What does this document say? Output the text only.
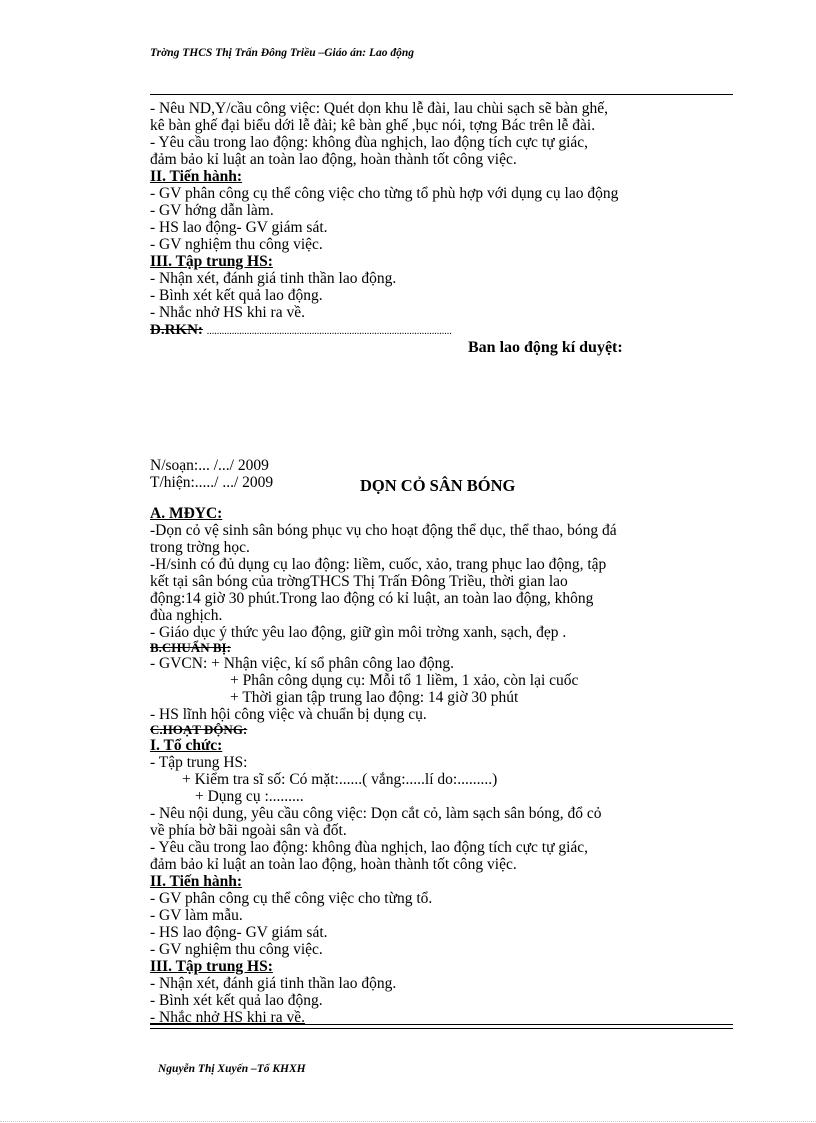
Trờng THCS Thị Trấn Đông Triều –Giáo án: Lao động
- Nêu ND,Y/cầu công việc: Quét dọn khu lễ đài, lau chùi sạch sẽ bàn ghế,
kê bàn ghế đại biểu dới lễ đài; kê bàn ghế ,bục nói, tợng Bác trên lễ đài.
- Yêu cầu trong lao động: không đùa nghịch, lao động tích cực tự giác,
đảm bảo kỉ luật an toàn lao động, hoàn thành tốt công việc.
II. Tiến hành:
- GV phân công cụ thể công việc cho từng tổ phù hợp với dụng cụ lao động
- GV hớng dẫn làm.
- HS lao động- GV giám sát.
- GV nghiệm thu công việc.
III. Tập trung HS:
- Nhận xét, đánh giá tinh thần lao động.
- Bình xét kết quả lao động.
- Nhắc nhở HS khi ra về.
D.RKN: ..................................................................................................
Ban lao động kí duyệt:
N/soạn:... /.../ 2009
T/hiện:...../ .../ 2009	DỌN CỎ SÂN BÓNG
A. MĐYC:
-Dọn cỏ vệ sinh sân bóng phục vụ cho hoạt động thể dục, thể thao, bóng đá
trong trờng học.
-H/sinh có đủ dụng cụ lao động: liềm, cuốc, xảo, trang phục lao động, tập
kết tại sân bóng của trờngTHCS Thị Trấn Đông Triều, thời gian lao
động:14 giờ 30 phút.Trong lao động có kỉ luật, an toàn lao động, không
đùa nghịch.
- Giáo dục ý thức yêu lao động, giữ gìn môi trờng xanh, sạch, đẹp .
B.CHUẨN BỊ:
- GVCN: + Nhận việc, kí sổ phân công lao động.
+ Phân công dụng cụ: Mỗi tổ 1 liềm, 1 xảo, còn lại cuốc
+ Thời gian tập trung lao động: 14 giờ 30 phút
- HS lĩnh hội công việc và chuẩn bị dụng cụ.
C.HOẠT ĐỘNG:
I. Tổ chức:
- Tập trung HS:
+ Kiểm tra sĩ số: Có mặt:......( vắng:.....lí do:.........)
+ Dụng cụ :.........
- Nêu nội dung, yêu cầu công việc: Dọn cắt cỏ, làm sạch sân bóng, đổ cỏ
về phía bờ bãi ngoài sân và đốt.
- Yêu cầu trong lao động: không đùa nghịch, lao động tích cực tự giác,
đảm bảo kỉ luật an toàn lao động, hoàn thành tốt công việc.
II. Tiến hành:
- GV phân công cụ thể công việc cho từng tổ.
- GV làm mẫu.
- HS lao động- GV giám sát.
- GV nghiệm thu công việc.
III. Tập trung HS:
- Nhận xét, đánh giá tinh thần lao động.
- Bình xét kết quả lao động.
- Nhắc nhở HS khi ra về.
Nguyễn Thị Xuyến –Tổ KHXH
